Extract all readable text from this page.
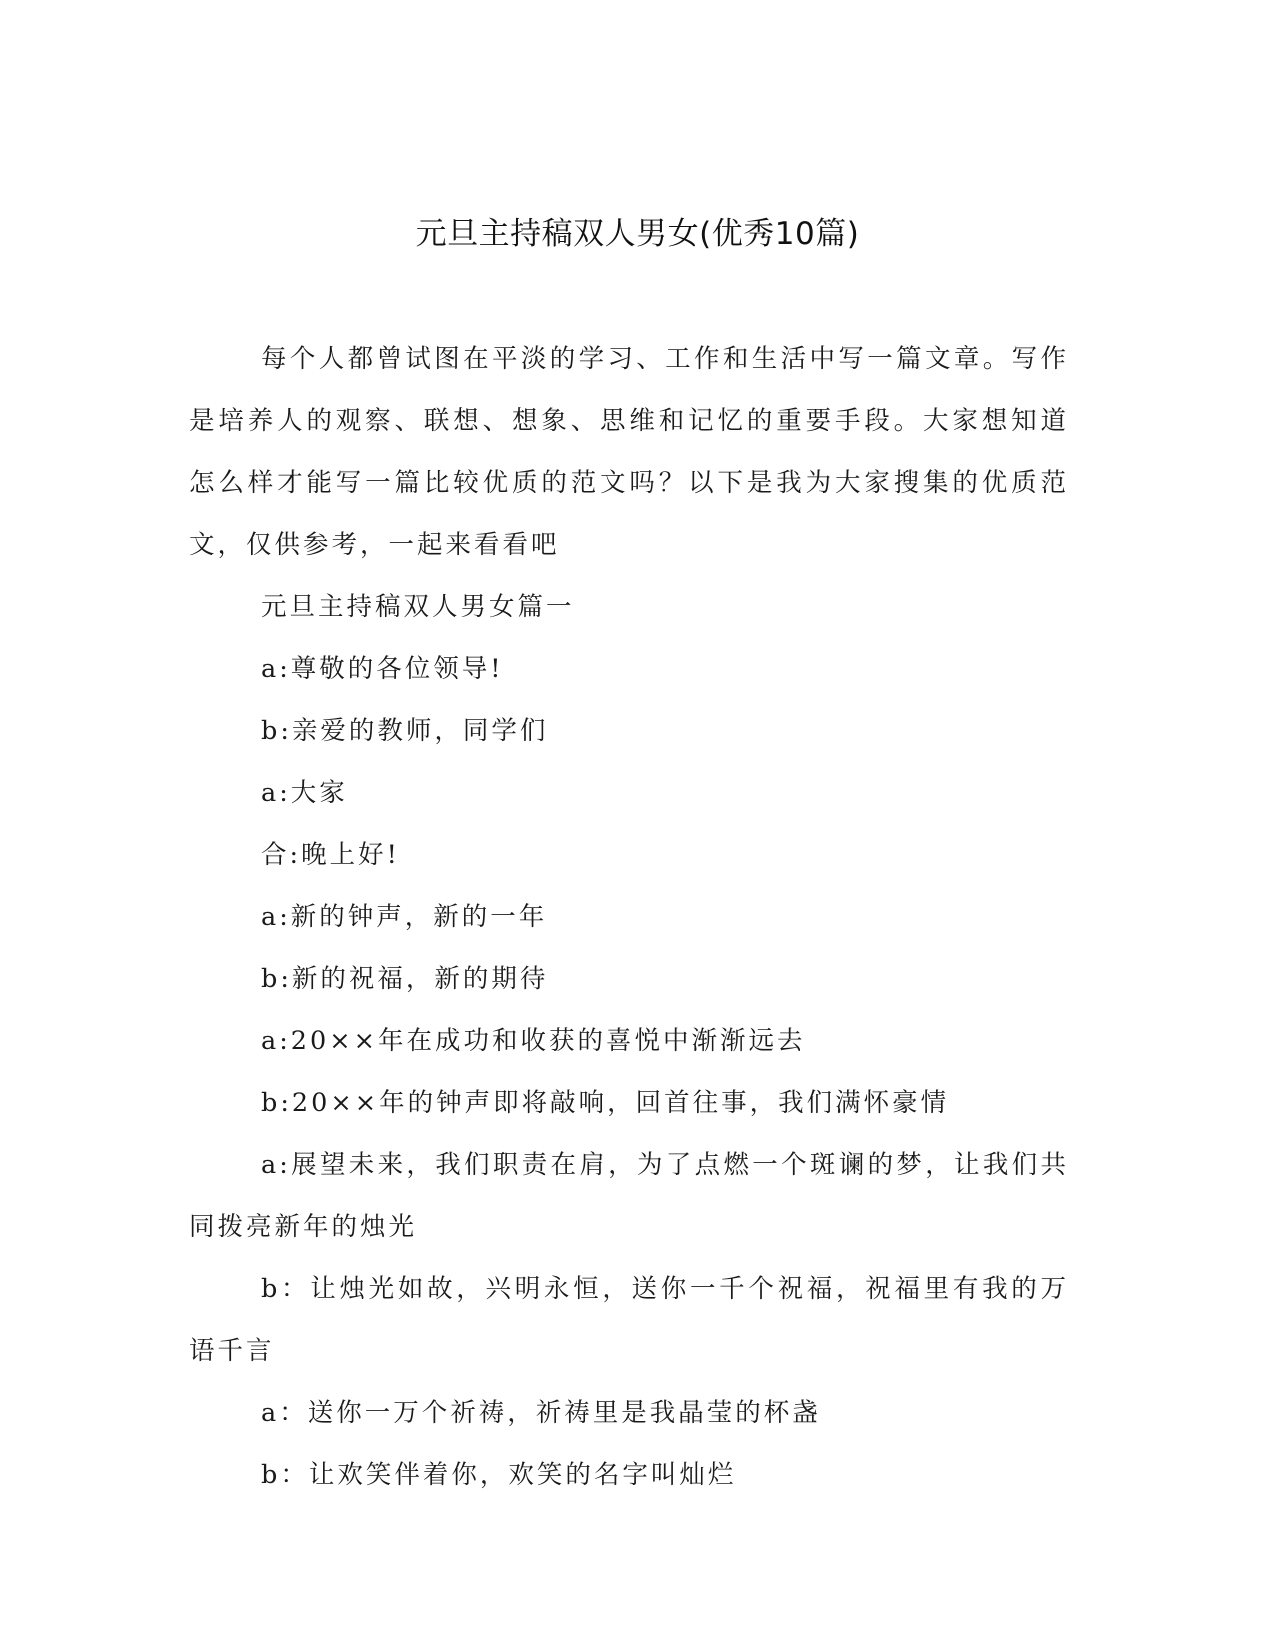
元旦主持稿双人男女(优秀10篇)

每个人都曾试图在平淡的学习、工作和生活中写一篇文章。写作是培养人的观察、联想、想象、思维和记忆的重要手段。大家想知道怎么样才能写一篇比较优质的范文吗？以下是我为大家搜集的优质范文，仅供参考，一起来看看吧

元旦主持稿双人男女篇一

a:尊敬的各位领导!

b:亲爱的教师，同学们

a:大家

合:晚上好!

a:新的钟声，新的一年

b:新的祝福，新的期待

a:20××年在成功和收获的喜悦中渐渐远去

b:20××年的钟声即将敲响，回首往事，我们满怀豪情

a:展望未来，我们职责在肩，为了点燃一个斑谰的梦，让我们共同拨亮新年的烛光

b：让烛光如故，兴明永恒，送你一千个祝福，祝福里有我的万语千言

a：送你一万个祈祷，祈祷里是我晶莹的杯盏

b：让欢笑伴着你，欢笑的名字叫灿烂
